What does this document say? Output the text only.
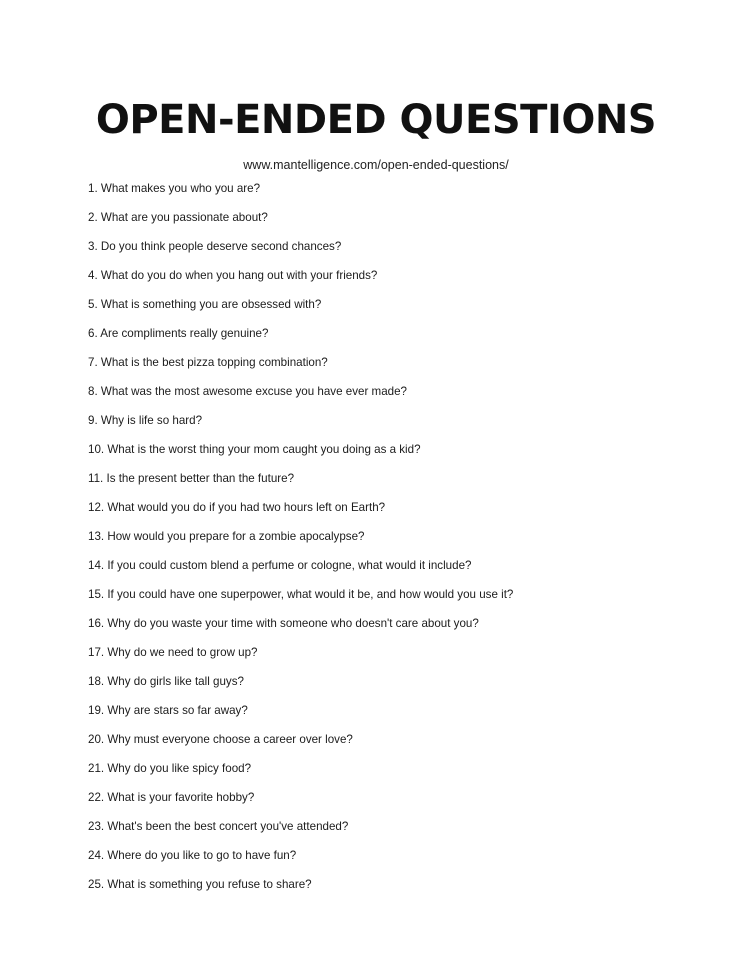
OPEN-ENDED QUESTIONS
www.mantelligence.com/open-ended-questions/
1. What makes you who you are?
2. What are you passionate about?
3. Do you think people deserve second chances?
4. What do you do when you hang out with your friends?
5. What is something you are obsessed with?
6. Are compliments really genuine?
7. What is the best pizza topping combination?
8. What was the most awesome excuse you have ever made?
9. Why is life so hard?
10. What is the worst thing your mom caught you doing as a kid?
11. Is the present better than the future?
12. What would you do if you had two hours left on Earth?
13. How would you prepare for a zombie apocalypse?
14. If you could custom blend a perfume or cologne, what would it include?
15. If you could have one superpower, what would it be, and how would you use it?
16. Why do you waste your time with someone who doesn't care about you?
17. Why do we need to grow up?
18. Why do girls like tall guys?
19. Why are stars so far away?
20. Why must everyone choose a career over love?
21. Why do you like spicy food?
22. What is your favorite hobby?
23. What's been the best concert you've attended?
24. Where do you like to go to have fun?
25. What is something you refuse to share?
